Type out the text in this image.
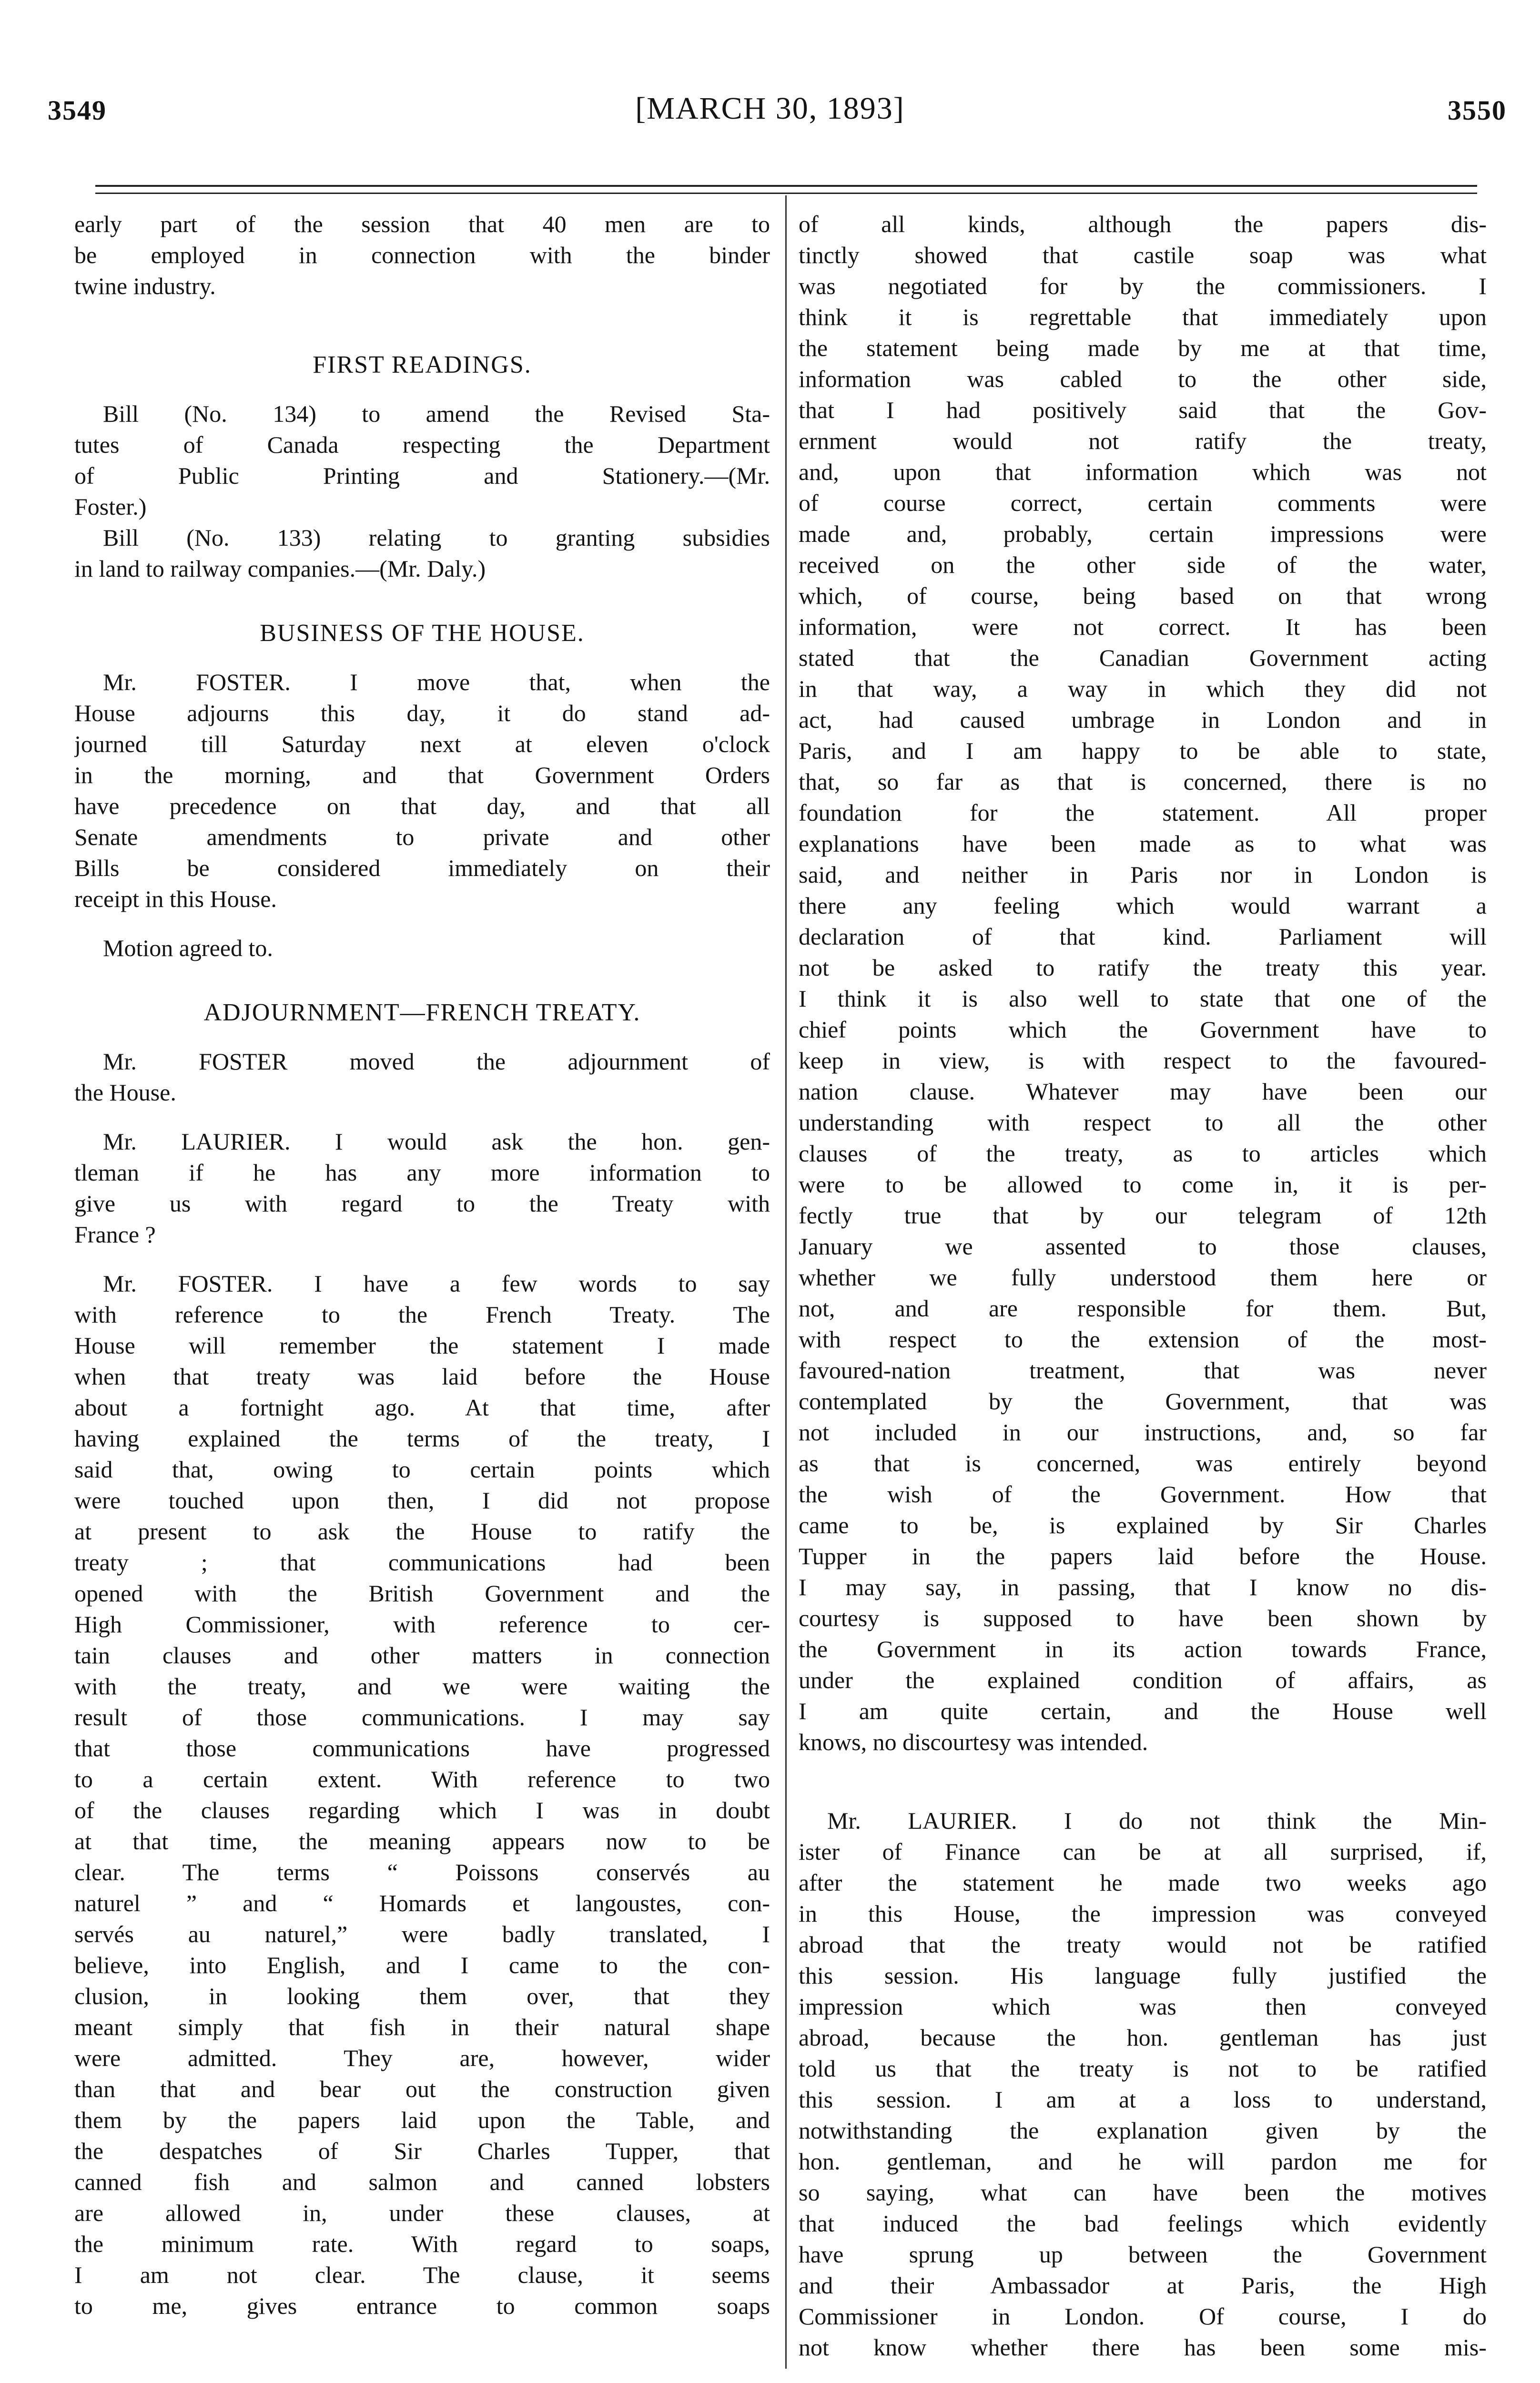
3549	[MARCH 30, 1893]	3550
early part of the session that 40 men are to
be employed in connection with the binder
twine industry.
FIRST READINGS.
Bill (No. 134) to amend the Revised Sta-
tutes of Canada respecting the Department
of Public Printing and Stationery.—(Mr.
Foster.)
Bill (No. 133) relating to granting subsidies
in land to railway companies.—(Mr. Daly.)
BUSINESS OF THE HOUSE.
Mr. FOSTER. I move that, when the
House adjourns this day, it do stand ad-
journed till Saturday next at eleven o'clock
in the morning, and that Government Orders
have precedence on that day, and that all
Senate amendments to private and other
Bills be considered immediately on their
receipt in this House.
Motion agreed to.
ADJOURNMENT—FRENCH TREATY.
Mr. FOSTER moved the adjournment of
the House.
Mr. LAURIER. I would ask the hon. gen-
tleman if he has any more information to
give us with regard to the Treaty with
France ?
Mr. FOSTER. I have a few words to say
with reference to the French Treaty. The
House will remember the statement I made
when that treaty was laid before the House
about a fortnight ago. At that time, after
having explained the terms of the treaty, I
said that, owing to certain points which
were touched upon then, I did not propose
at present to ask the House to ratify the
treaty ; that communications had been
opened with the British Government and the
High Commissioner, with reference to cer-
tain clauses and other matters in connection
with the treaty, and we were waiting the
result of those communications. I may say
that those communications have progressed
to a certain extent. With reference to two
of the clauses regarding which I was in doubt
at that time, the meaning appears now to be
clear. The terms “ Poissons conservés au
naturel ” and “ Homards et langoustes, con-
servés au naturel,” were badly translated, I
believe, into English, and I came to the con-
clusion, in looking them over, that they
meant simply that fish in their natural shape
were admitted. They are, however, wider
than that and bear out the construction given
them by the papers laid upon the Table, and
the despatches of Sir Charles Tupper, that
canned fish and salmon and canned lobsters
are allowed in, under these clauses, at
the minimum rate. With regard to soaps,
I am not clear. The clause, it seems
to me, gives entrance to common soaps
of all kinds, although the papers dis-
tinctly showed that castile soap was what
was negotiated for by the commissioners. I
think it is regrettable that immediately upon
the statement being made by me at that time,
information was cabled to the other side,
that I had positively said that the Gov-
ernment would not ratify the treaty,
and, upon that information which was not
of course correct, certain comments were
made and, probably, certain impressions were
received on the other side of the water,
which, of course, being based on that wrong
information, were not correct. It has been
stated that the Canadian Government acting
in that way, a way in which they did not
act, had caused umbrage in London and in
Paris, and I am happy to be able to state,
that, so far as that is concerned, there is no
foundation for the statement. All proper
explanations have been made as to what was
said, and neither in Paris nor in London is
there any feeling which would warrant a
declaration of that kind. Parliament will
not be asked to ratify the treaty this year.
I think it is also well to state that one of the
chief points which the Government have to
keep in view, is with respect to the favoured-
nation clause. Whatever may have been our
understanding with respect to all the other
clauses of the treaty, as to articles which
were to be allowed to come in, it is per-
fectly true that by our telegram of 12th
January we assented to those clauses,
whether we fully understood them here or
not, and are responsible for them. But,
with respect to the extension of the most-
favoured-nation treatment, that was never
contemplated by the Government, that was
not included in our instructions, and, so far
as that is concerned, was entirely beyond
the wish of the Government. How that
came to be, is explained by Sir Charles
Tupper in the papers laid before the House.
I may say, in passing, that I know no dis-
courtesy is supposed to have been shown by
the Government in its action towards France,
under the explained condition of affairs, as
I am quite certain, and the House well
knows, no discourtesy was intended.
Mr. LAURIER. I do not think the Min-
ister of Finance can be at all surprised, if,
after the statement he made two weeks ago
in this House, the impression was conveyed
abroad that the treaty would not be ratified
this session. His language fully justified the
impression which was then conveyed
abroad, because the hon. gentleman has just
told us that the treaty is not to be ratified
this session. I am at a loss to understand,
notwithstanding the explanation given by the
hon. gentleman, and he will pardon me for
so saying, what can have been the motives
that induced the bad feelings which evidently
have sprung up between the Government
and their Ambassador at Paris, the High
Commissioner in London. Of course, I do
not know whether there has been some mis-
